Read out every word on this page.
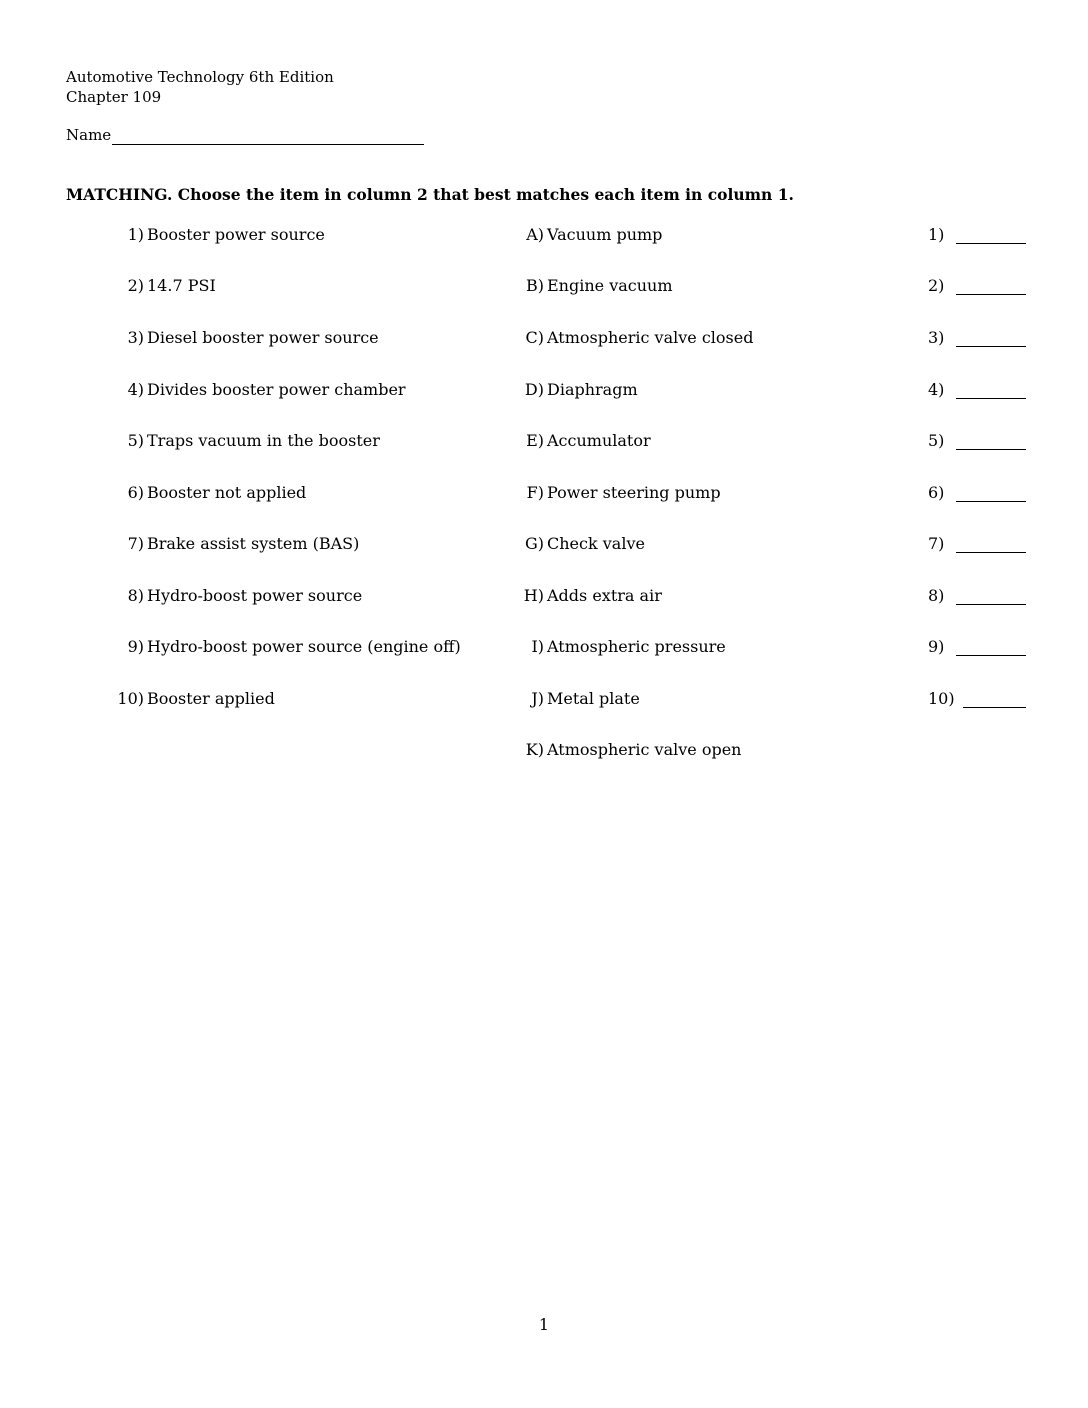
Automotive Technology 6th Edition
Chapter 109
Name
MATCHING. Choose the item in column 2 that best matches each item in column 1.
1) Booster power source	A) Vacuum pump	1)
2) 14.7 PSI	B) Engine vacuum	2)
3) Diesel booster power source	C) Atmospheric valve closed	3)
4) Divides booster power chamber	D) Diaphragm	4)
5) Traps vacuum in the booster	E) Accumulator	5)
6) Booster not applied	F) Power steering pump	6)
7) Brake assist system (BAS)	G) Check valve	7)
8) Hydro-boost power source	H) Adds extra air	8)
9) Hydro-boost power source (engine off)	I) Atmospheric pressure	9)
10) Booster applied	J) Metal plate	10)
K) Atmospheric valve open
1
